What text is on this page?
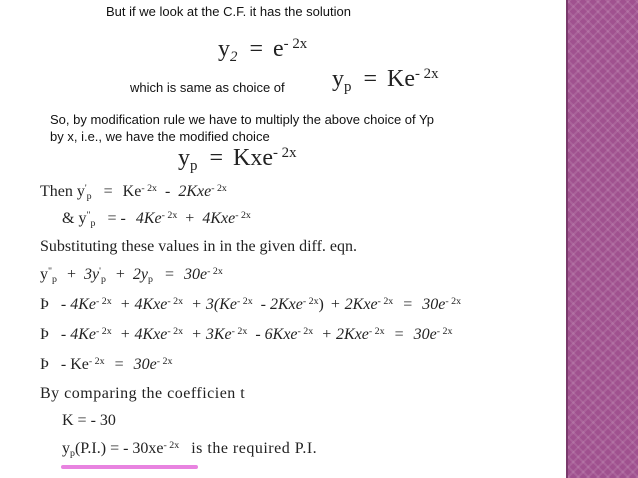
But if we look at the C.F. it has the solution
$y_2 = e^{- 2x}$
which is same as choice of $y_p = Ke^{- 2x}$
So, by modification rule we have to multiply the above choice of Yp
by x, i.e., we have the modified choice
$y_p = Kxe^{- 2x}$
Then $y'_p = Ke^{- 2x} - 2Kxe^{- 2x}$
& $y^"_p$ = - $4Ke^{- 2x} + 4Kxe^{- 2x}$
Substituting these values in in the given diff. eqn.
$y^"_p + 3y'_p + 2y_p = 30e^{- 2x}$
Þ - $4Ke^{- 2x} + 4Kxe^{- 2x} + 3(Ke^{- 2x} - 2Kxe^{- 2x}) + 2Kxe^{- 2x} = 30e^{- 2x}$
Þ - $4Ke^{- 2x} + 4Kxe^{- 2x} + 3Ke^{- 2x} - 6Kxe^{- 2x} + 2Kxe^{- 2x} = 30e^{- 2x}$
Þ - $Ke^{- 2x} = 30e^{- 2x}$
By comparing the coefficien t
K = - 30
$y_p(P.I.)$ = - $30xe^{- 2x}$ is the required P.I.
